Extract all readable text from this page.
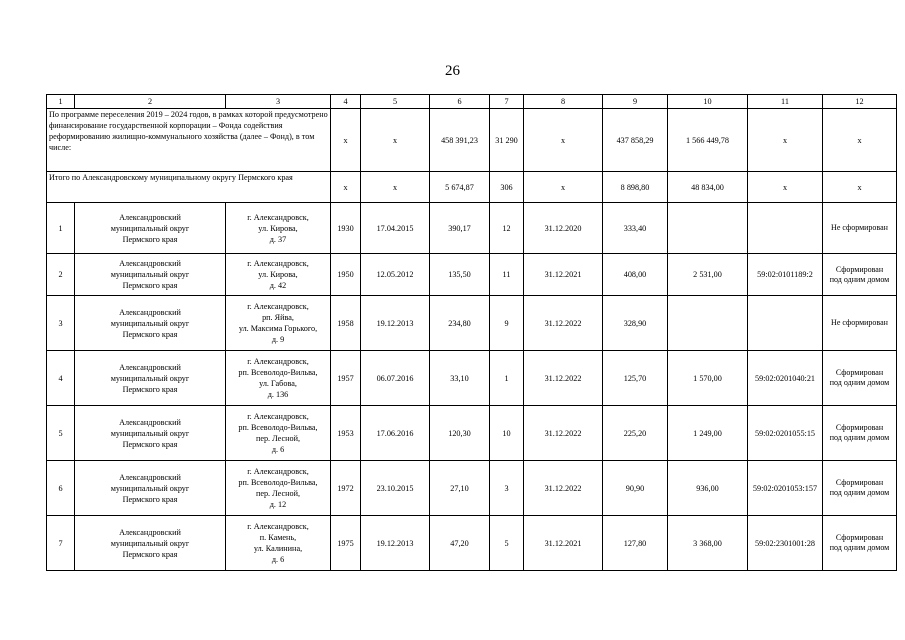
26
1	2	3	4	5	6	7	8	9	10	11	12
По программе переселения 2019 – 2024 годов, в рамках которой предусмотрено финансирование государственной корпорации – Фонда содействия реформированию жилищно-коммунального хозяйства (далее – Фонд), в том числе:			х	х	458 391,23	31 290	х	437 858,29	1 566 449,78	х	х
Итого по Александровскому муниципальному округу Пермского края			х	х	5 674,87	306	х	8 898,80	48 834,00	х	х
1	Александровский
муниципальный округ
Пермского края	г. Александровск,
ул. Кирова,
д. 37	1930	17.04.2015	390,17	12	31.12.2020	333,40			Не сформирован

2	Александровский
муниципальный округ
Пермского края	г. Александровск,
ул. Кирова,
д. 42	1950	12.05.2012	135,50	11	31.12.2021	408,00	2 531,00	59:02:0101189:2	Сформирован
под одним домом

3	Александровский
муниципальный округ
Пермского края	г. Александровск,
рп. Яйва,
ул. Максима Горького,
д. 9	1958	19.12.2013	234,80	9	31.12.2022	328,90			Не сформирован

4	Александровский
муниципальный округ
Пермского края	г. Александровск,
рп. Всеволодо-Вильва,
ул. Габова,
д. 136	1957	06.07.2016	33,10	1	31.12.2022	125,70	1 570,00	59:02:0201040:21	Сформирован
под одним домом

5	Александровский
муниципальный округ
Пермского края	г. Александровск,
рп. Всеволодо-Вильва,
пер. Лесной,
д. 6	1953	17.06.2016	120,30	10	31.12.2022	225,20	1 249,00	59:02:0201055:15	Сформирован
под одним домом

6	Александровский
муниципальный округ
Пермского края	г. Александровск,
рп. Всеволодо-Вильва,
пер. Лесной,
д. 12	1972	23.10.2015	27,10	3	31.12.2022	90,90	936,00	59:02:0201053:157	Сформирован
под одним домом

7	Александровский
муниципальный округ
Пермского края	г. Александровск,
п. Камень,
ул. Калинина,
д. 6	1975	19.12.2013	47,20	5	31.12.2021	127,80	3 368,00	59:02:2301001:28	Сформирован
под одним домом
